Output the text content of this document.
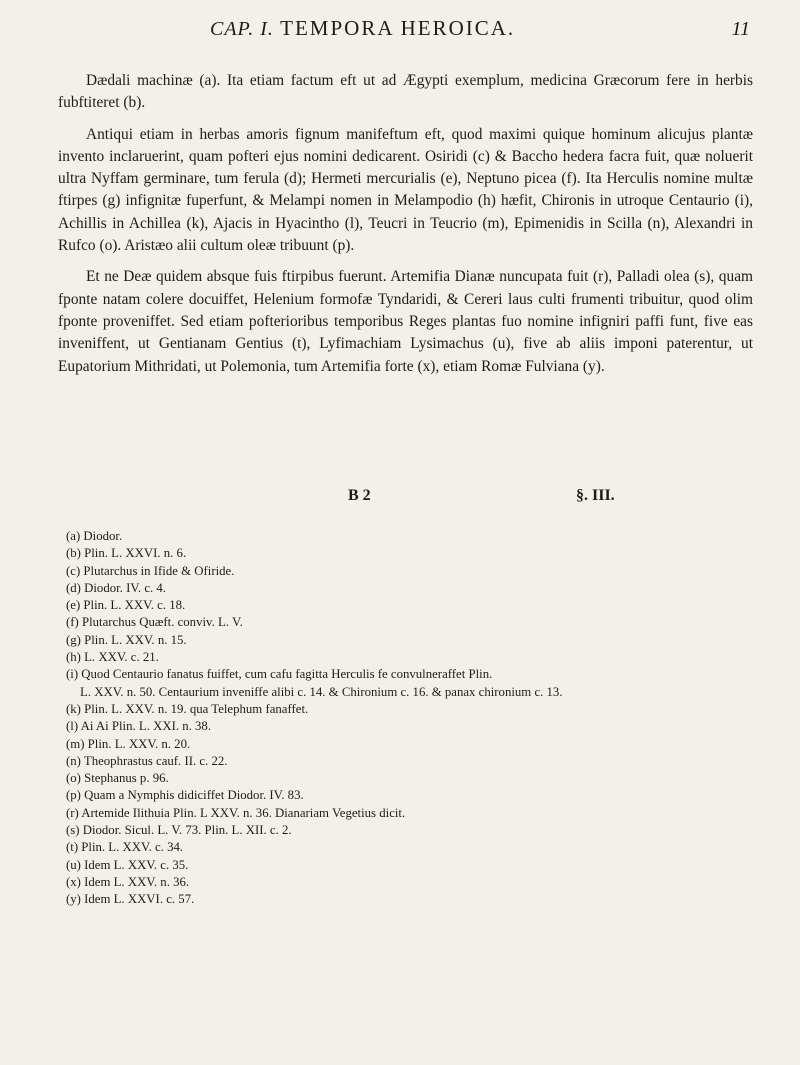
CAP. I. TEMPORA HEROICA.	11

Dædali machinæ (a). Ita etiam factum eft ut ad Ægypti exemplum, medicina Græcorum fere in herbis fubftiteret (b).

Antiqui etiam in herbas amoris fignum manifeftum eft, quod maximi quique hominum alicujus plantæ invento inclaruerint, quam pofteri ejus nomini dedicarent. Osiridi (c) & Baccho hedera facra fuit, quæ noluerit ultra Nyffam germinare, tum ferula (d); Hermeti mercurialis (e), Neptuno picea (f). Ita Herculis nomine multæ ftirpes (g) infignitæ fuperfunt, & Melampi nomen in Melampodio (h) hæfit, Chironis in utroque Centaurio (i), Achillis in Achillea (k), Ajacis in Hyacintho (l), Teucri in Teucrio (m), Epimenidis in Scilla (n), Alexandri in Rufco (o). Aristæo alii cultum oleæ tribuunt (p).

Et ne Deæ quidem absque fuis ftirpibus fuerunt. Artemifia Dianæ nuncupata fuit (r), Palladi olea (s), quam fponte natam colere docuiffet, Helenium formofæ Tyndaridi, & Cereri laus culti frumenti tribuitur, quod olim fponte proveniffet. Sed etiam pofterioribus temporibus Reges plantas fuo nomine infigniri paffi funt, five eas inveniffent, ut Gentianam Gentius (t), Lyfimachiam Lysimachus (u), five ab aliis imponi paterentur, ut Eupatorium Mithridati, ut Polemonia, tum Artemifia forte (x), etiam Romæ Fulviana (y).

B 2	§. III.

(a) Diodor.

(b) Plin. L. XXVI. n. 6.

(c) Plutarchus in Ifide & Ofiride.

(d) Diodor. IV. c. 4.

(e) Plin. L. XXV. c. 18.

(f) Plutarchus Quæft. conviv. L. V.

(g) Plin. L. XXV. n. 15.

(h) L. XXV. c. 21.

(i) Quod Centaurio fanatus fuiffet, cum cafu fagitta Herculis fe convulneraffet Plin.

L. XXV. n. 50. Centaurium inveniffe alibi c. 14. & Chironium c. 16. & panax chironium c. 13.

(k) Plin. L. XXV. n. 19. qua Telephum fanaffet.

(l) Ai Ai Plin. L. XXI. n. 38.

(m) Plin. L. XXV. n. 20.

(n) Theophrastus cauf. II. c. 22.

(o) Stephanus p. 96.

(p) Quam a Nymphis didiciffet Diodor. IV. 83.

(r) Artemide Ilithuia Plin. L XXV. n. 36. Dianariam Vegetius dicit.

(s) Diodor. Sicul. L. V. 73. Plin. L. XII. c. 2.

(t) Plin. L. XXV. c. 34.

(u) Idem L. XXV. c. 35.

(x) Idem L. XXV. n. 36.

(y) Idem L. XXVI. c. 57.
